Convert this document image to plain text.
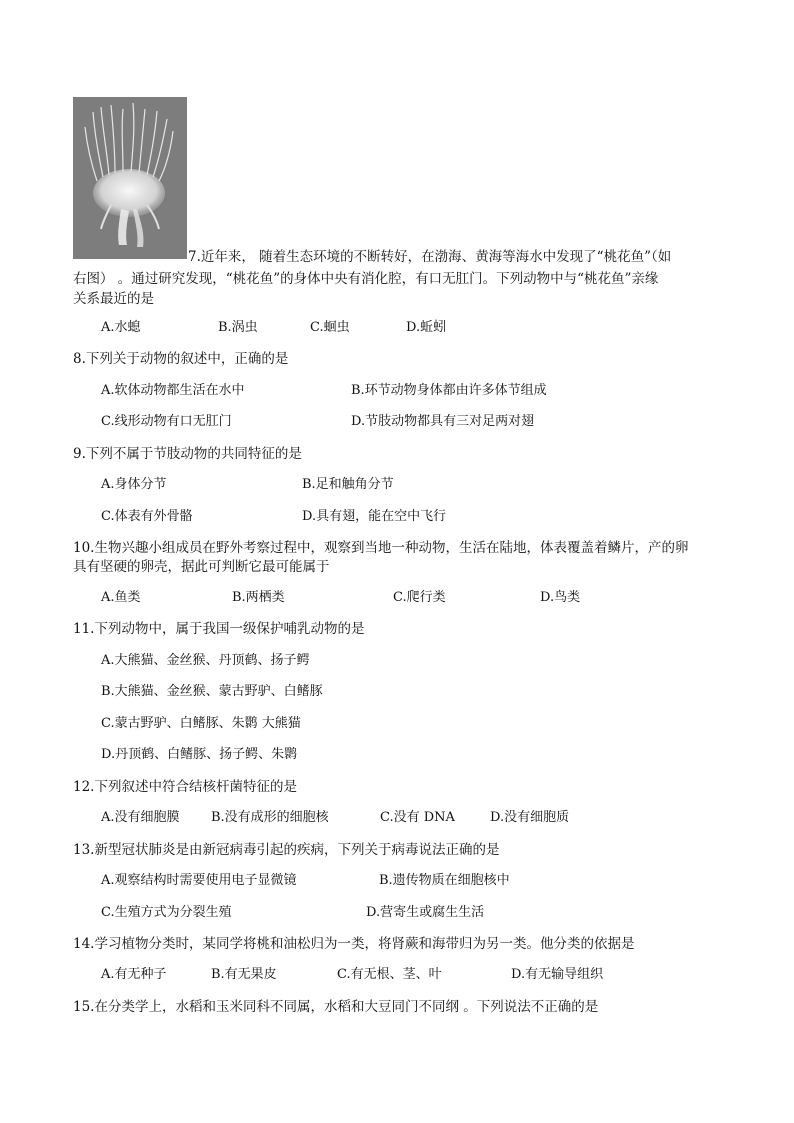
7.近年来， 随着生态环境的不断转好，在渤海、黄海等海水中发现了“桃花鱼”（如
右图） 。通过研究发现，“桃花鱼”的身体中央有消化腔，有口无肛门。下列动物中与“桃花鱼”亲缘
关系最近的是
A.水螅	B.涡虫	C.蛔虫	D.蚯蚓
8.下列关于动物的叙述中，正确的是
A.软体动物都生活在水中	B.环节动物身体都由许多体节组成
C.线形动物有口无肛门	D.节肢动物都具有三对足两对翅
9.下列不属于节肢动物的共同特征的是
A.身体分节	B.足和触角分节
C.体表有外骨骼	D.具有翅，能在空中飞行
10.生物兴趣小组成员在野外考察过程中，观察到当地一种动物，生活在陆地，体表覆盖着鳞片，产的卵
具有坚硬的卵壳，据此可判断它最可能属于
A.鱼类	B.两栖类	C.爬行类	D.鸟类
11.下列动物中，属于我国一级保护哺乳动物的是
A.大熊猫、金丝猴、丹顶鹤、扬子鳄
B.大熊猫、金丝猴、蒙古野驴、白鳍豚
C.蒙古野驴、白鳍豚、朱鹮 大熊猫
D.丹顶鹤、白鳍豚、扬子鳄、朱鹮
12.下列叙述中符合结核杆菌特征的是
A.没有细胞膜 B.没有成形的细胞核	C.没有 DNA	D.没有细胞质
13.新型冠状肺炎是由新冠病毒引起的疾病，下列关于病毒说法正确的是
A.观察结构时需要使用电子显微镜	B.遗传物质在细胞核中
C.生殖方式为分裂生殖	D.营寄生或腐生生活
14.学习植物分类时，某同学将桃和油松归为一类，将肾蕨和海带归为另一类。他分类的依据是
A.有无种子	B.有无果皮	C.有无根、茎、叶	D.有无输导组织
15.在分类学上，水稻和玉米同科不同属，水稻和大豆同门不同纲 。下列说法不正确的是
